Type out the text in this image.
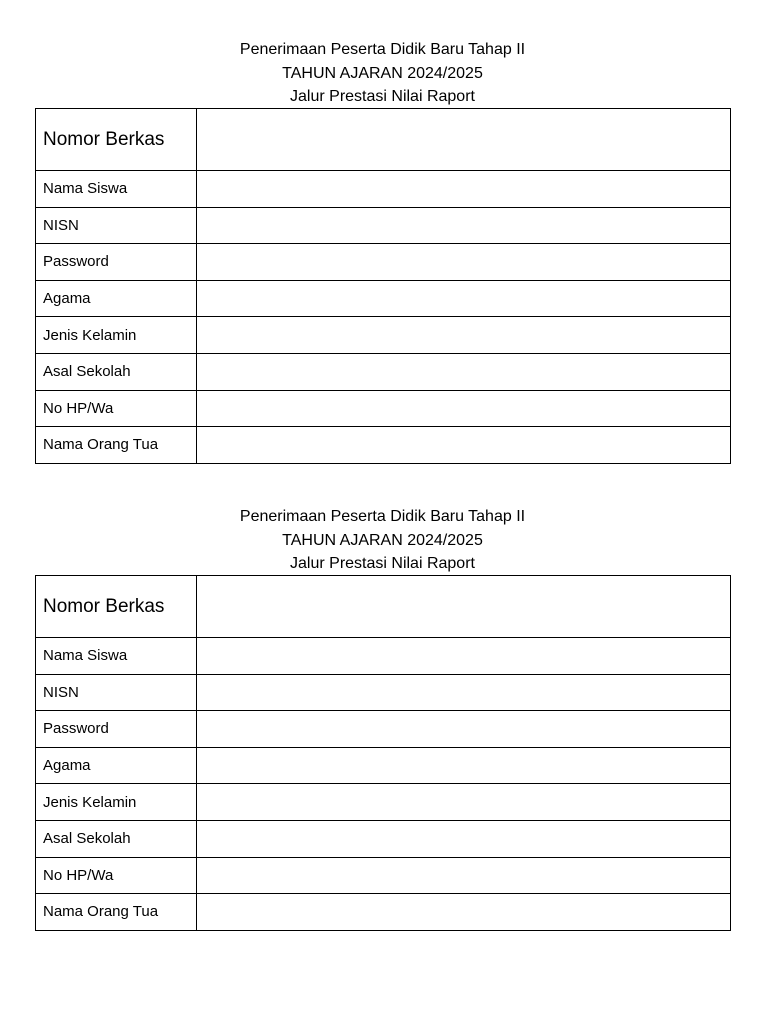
Penerimaan Peserta Didik Baru Tahap II
TAHUN AJARAN 2024/2025
Jalur Prestasi Nilai Raport
Nomor Berkas	
Nama Siswa	
NISN	
Password	
Agama	
Jenis Kelamin	
Asal Sekolah	
No HP/Wa	
Nama Orang Tua	
Penerimaan Peserta Didik Baru Tahap II
TAHUN AJARAN 2024/2025
Jalur Prestasi Nilai Raport
Nomor Berkas	
Nama Siswa	
NISN	
Password	
Agama	
Jenis Kelamin	
Asal Sekolah	
No HP/Wa	
Nama Orang Tua	
